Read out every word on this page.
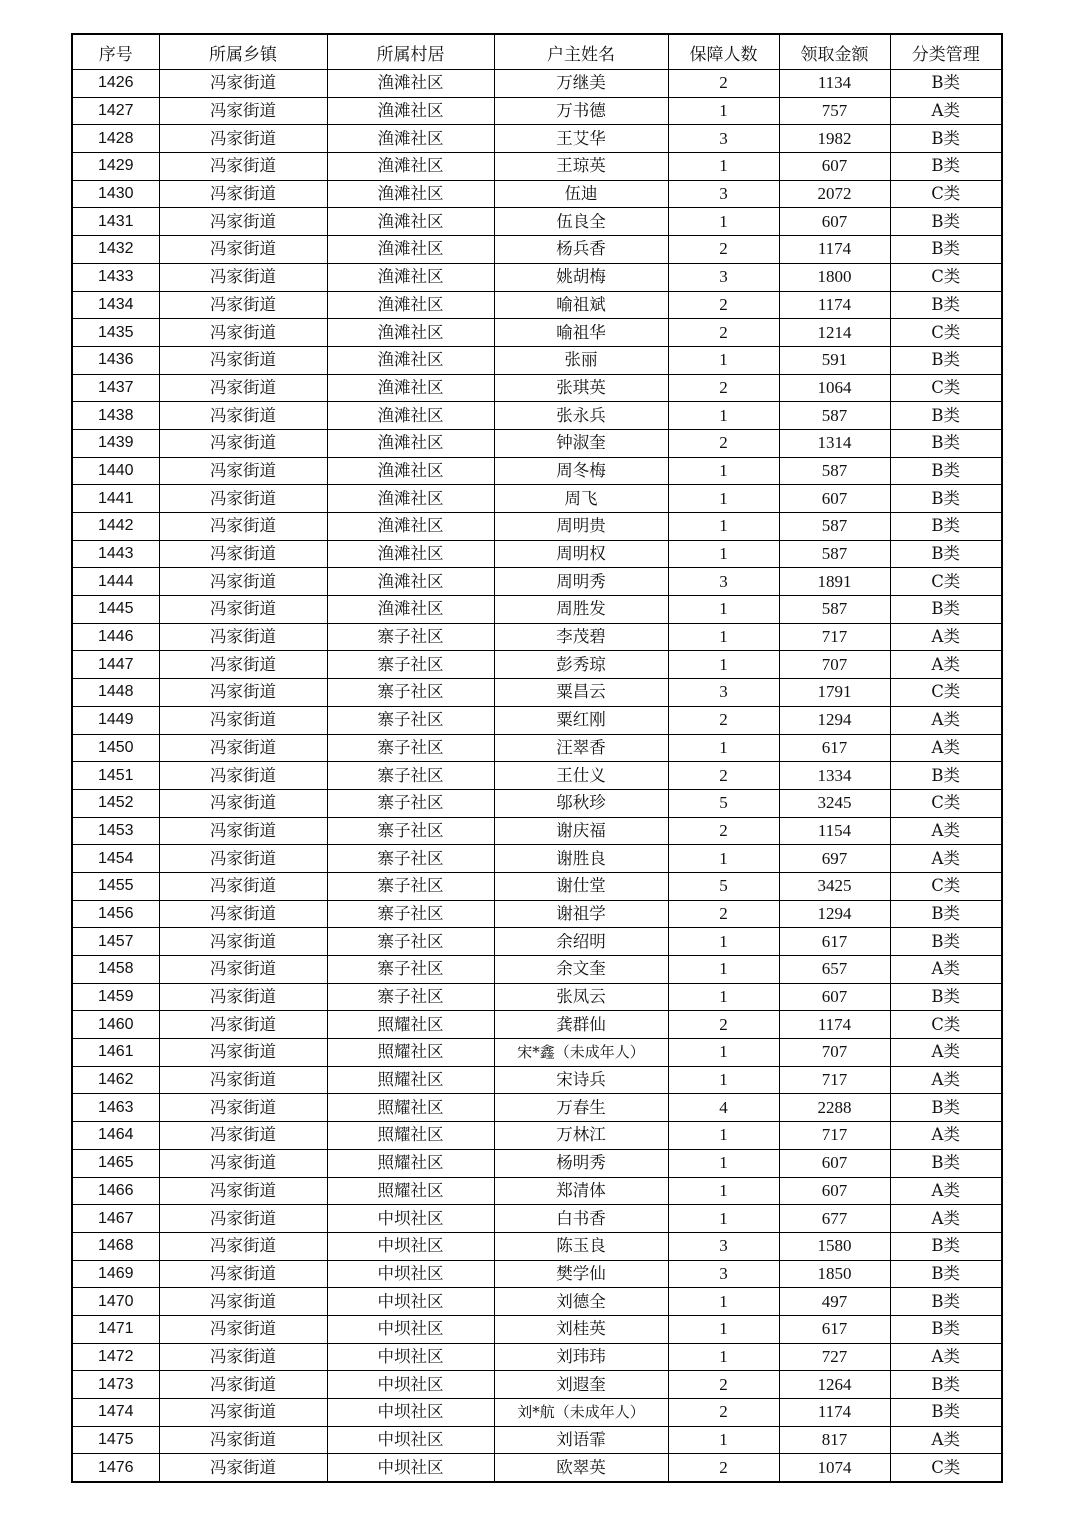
序号	所属乡镇	所属村居	户主姓名	保障人数	领取金额	分类管理
1426	冯家街道	渔滩社区	万继美	2	1134	B类
1427	冯家街道	渔滩社区	万书德	1	757	A类
1428	冯家街道	渔滩社区	王艾华	3	1982	B类
1429	冯家街道	渔滩社区	王琼英	1	607	B类
1430	冯家街道	渔滩社区	伍迪	3	2072	C类
1431	冯家街道	渔滩社区	伍良全	1	607	B类
1432	冯家街道	渔滩社区	杨兵香	2	1174	B类
1433	冯家街道	渔滩社区	姚胡梅	3	1800	C类
1434	冯家街道	渔滩社区	喻祖斌	2	1174	B类
1435	冯家街道	渔滩社区	喻祖华	2	1214	C类
1436	冯家街道	渔滩社区	张丽	1	591	B类
1437	冯家街道	渔滩社区	张琪英	2	1064	C类
1438	冯家街道	渔滩社区	张永兵	1	587	B类
1439	冯家街道	渔滩社区	钟淑奎	2	1314	B类
1440	冯家街道	渔滩社区	周冬梅	1	587	B类
1441	冯家街道	渔滩社区	周飞	1	607	B类
1442	冯家街道	渔滩社区	周明贵	1	587	B类
1443	冯家街道	渔滩社区	周明权	1	587	B类
1444	冯家街道	渔滩社区	周明秀	3	1891	C类
1445	冯家街道	渔滩社区	周胜发	1	587	B类
1446	冯家街道	寨子社区	李茂碧	1	717	A类
1447	冯家街道	寨子社区	彭秀琼	1	707	A类
1448	冯家街道	寨子社区	粟昌云	3	1791	C类
1449	冯家街道	寨子社区	粟红刚	2	1294	A类
1450	冯家街道	寨子社区	汪翠香	1	617	A类
1451	冯家街道	寨子社区	王仕义	2	1334	B类
1452	冯家街道	寨子社区	邬秋珍	5	3245	C类
1453	冯家街道	寨子社区	谢庆福	2	1154	A类
1454	冯家街道	寨子社区	谢胜良	1	697	A类
1455	冯家街道	寨子社区	谢仕堂	5	3425	C类
1456	冯家街道	寨子社区	谢祖学	2	1294	B类
1457	冯家街道	寨子社区	余绍明	1	617	B类
1458	冯家街道	寨子社区	余文奎	1	657	A类
1459	冯家街道	寨子社区	张凤云	1	607	B类
1460	冯家街道	照耀社区	龚群仙	2	1174	C类
1461	冯家街道	照耀社区	宋*鑫（未成年人）	1	707	A类
1462	冯家街道	照耀社区	宋诗兵	1	717	A类
1463	冯家街道	照耀社区	万春生	4	2288	B类
1464	冯家街道	照耀社区	万林江	1	717	A类
1465	冯家街道	照耀社区	杨明秀	1	607	B类
1466	冯家街道	照耀社区	郑清体	1	607	A类
1467	冯家街道	中坝社区	白书香	1	677	A类
1468	冯家街道	中坝社区	陈玉良	3	1580	B类
1469	冯家街道	中坝社区	樊学仙	3	1850	B类
1470	冯家街道	中坝社区	刘德全	1	497	B类
1471	冯家街道	中坝社区	刘桂英	1	617	B类
1472	冯家街道	中坝社区	刘玮玮	1	727	A类
1473	冯家街道	中坝社区	刘遐奎	2	1264	B类
1474	冯家街道	中坝社区	刘*航（未成年人）	2	1174	B类
1475	冯家街道	中坝社区	刘语霏	1	817	A类
1476	冯家街道	中坝社区	欧翠英	2	1074	C类
